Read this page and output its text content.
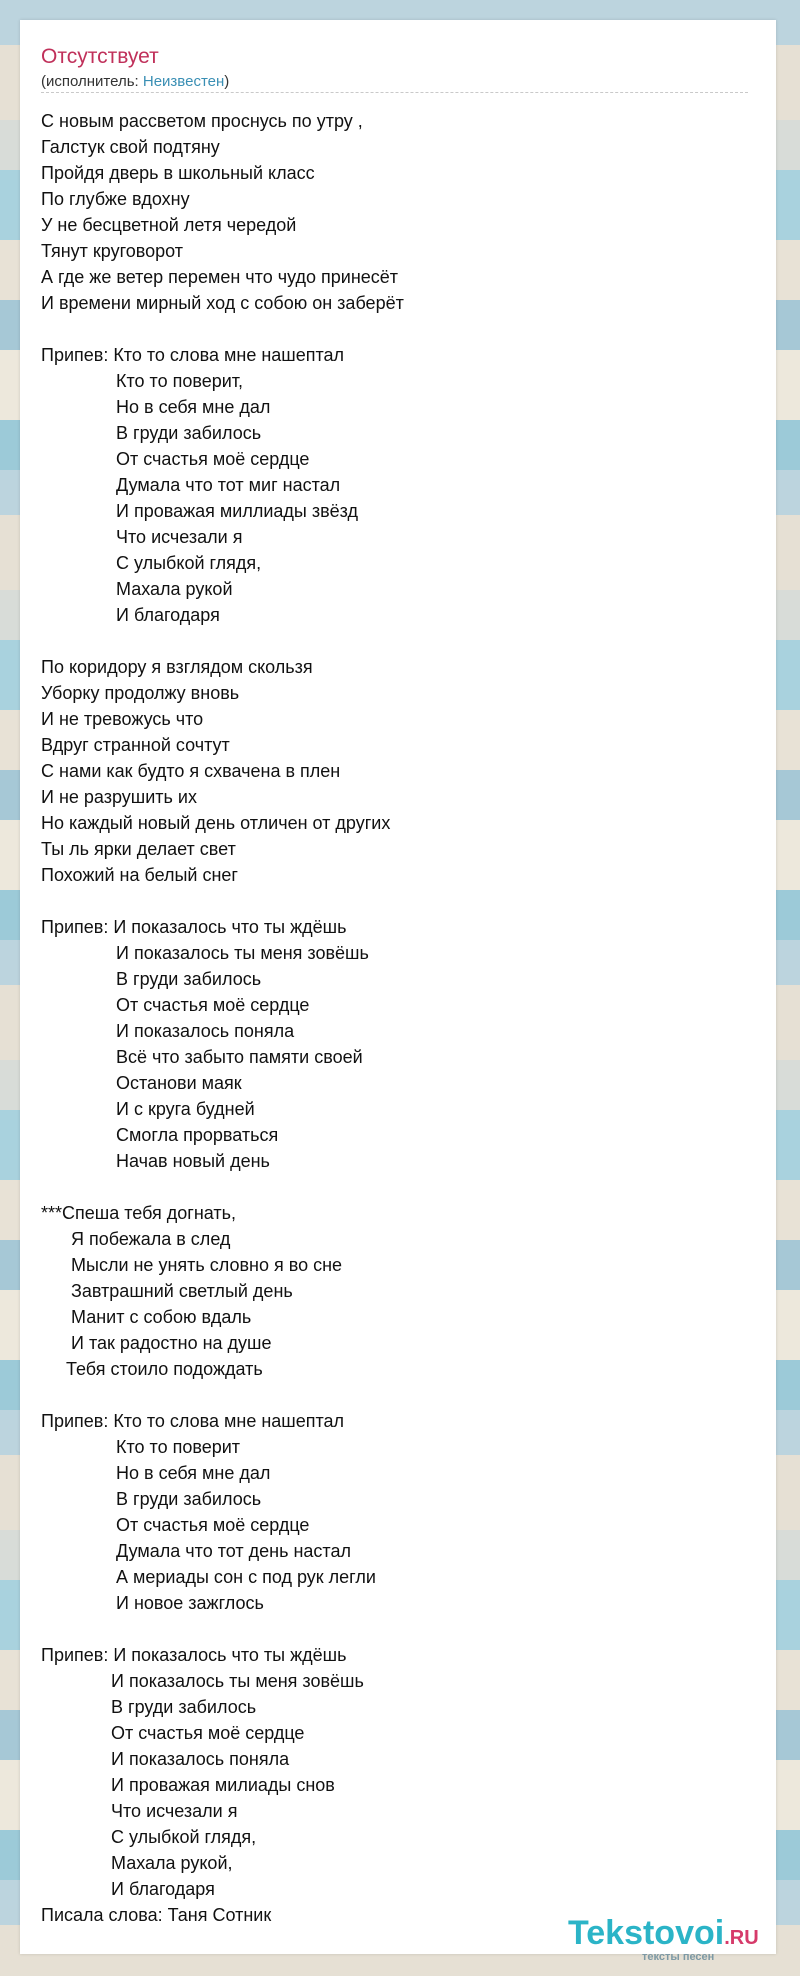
Отсутствует
(исполнитель: Неизвестен)
С новым рассветом проснусь по утру ,
Галстук свой подтяну
Пройдя дверь в школьный класс
По глубже вдохну
У не бесцветной летя чередой
Тянут круговорот
А где же ветер перемен что чудо принесёт
И времени мирный ход с собою он заберёт
Припев: Кто то слова мне нашептал
Кто то поверит,
Но в себя мне дал
В груди забилось
От счастья моё сердце
Думала что тот миг настал
И проважая миллиады звёзд
Что исчезали я
С улыбкой глядя,
Махала рукой
И благодаря
По коридору я взглядом скользя
Уборку продолжу вновь
И не тревожусь что
Вдруг странной сочтут
С нами как будто я схвачена в плен
И не разрушить их
Но каждый новый день отличен от других
Ты ль ярки делает свет
Похожий на белый снег
Припев: И показалось что ты ждёшь
И показалось ты меня зовёшь
В груди забилось
От счастья моё сердце
И показалось поняла
Всё что забыто памяти своей
Останови маяк
И с круга будней
Смогла прорваться
Начав новый день
***Спеша тебя догнать,
Я побежала в след
Мысли не унять словно я во сне
Завтрашний светлый день
Манит с собою вдаль
И так радостно на душе
Тебя стоило подождать
Припев: Кто то слова мне нашептал
Кто то поверит
Но в себя мне дал
В груди забилось
От счастья моё сердце
Думала что тот день настал
А мериады сон с под рук легли
И новое зажглось
Припев: И показалось что ты ждёшь
И показалось ты меня зовёшь
В груди забилось
От счастья моё сердце
И показалось поняла
И проважая милиады снов
Что исчезали я
С улыбкой глядя,
Махала рукой,
И благодаря
Писала слова: Таня Сотник	Tekstovoi.RU
тексты песен
